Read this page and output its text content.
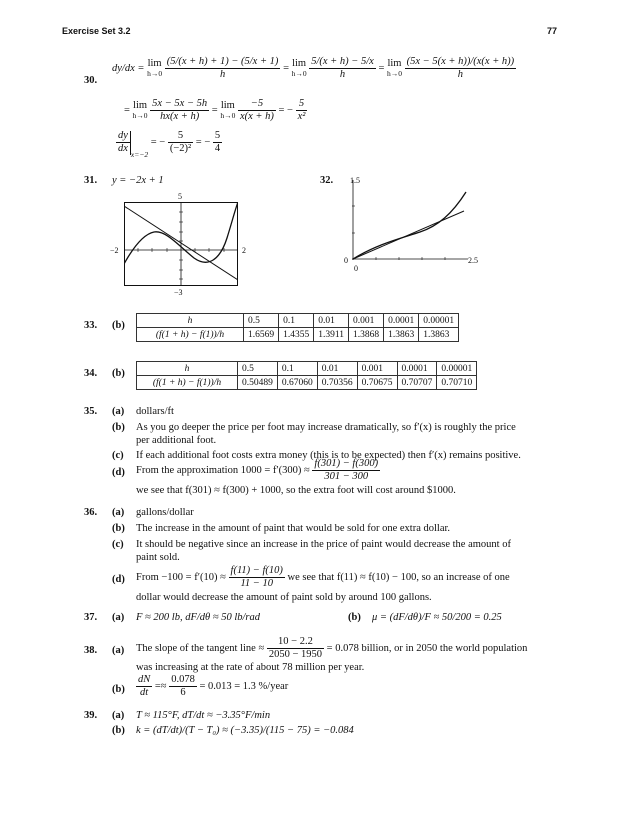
Exercise Set 3.2	77
30.
dy/dx = lim
h→0
$\frac{(5/(x + h) + 1) - (5/x + 1)}{h} = \lim$
h→0
$\frac{5/(x + h) - 5/x}{h} = \lim$
h→0
$\frac{(5x - 5(x + h))/(x(x + h))}{h}$
= lim
h→0
$\frac{5x - 5x - 5h}{hx(x + h)} = \lim$
h→0
$\frac{-5}{x(x + h)}$ = − $\frac{5}{\text{x²}}$
$\frac{dy}{dx} _{x=-2}$ = − $\frac{5}{\text{(−2)²}}$ = − $\frac{5}{4}$
31. y = −2x + 1
5
−2	2
−3
32. 1.5
0
0
2.5
33. (b)	h	0.5	0.1	0.01	0.001	0.0001	0.00001
(f(1 + h) − f(1))/h	1.6569	1.4355	1.3911	1.3868	1.3863	1.3863
34. (b)	h	0.5	0.1	0.01	0.001	0.0001	0.00001
(f(1 + h) − f(1))/h	0.50489	0.67060	0.70356	0.70675	0.70707	0.70710
35. (a) dollars/ft
(b) As you go deeper the price per foot may increase dramatically, so f′(x) is roughly the price
per additional foot.
(c) If each additional foot costs extra money (this is to be expected) then f′(x) remains positive.
(d) From the approximation $1000 = f'(300) \approx \frac{f(301) - f(300)}{301 - 300}$
we see that f(301) ≈ f(300) + 1000, so the extra foot will cost around $1000.
36. (a) gallons/dollar
(b) The increase in the amount of paint that would be sold for one extra dollar.
(c) It should be negative since an increase in the price of paint would decrease the amount of
paint sold.
(d) From $-100 = f'(10) \approx \frac{f(11) - f(10)}{11 - 10}$ we see that f(11) ≈ f(10) − 100, so an increase of one
dollar would decrease the amount of paint sold by around 100 gallons.
37. (a) F ≈ 200 lb, dF/dθ ≈ 50 lb/rad	(b) μ = (dF/dθ)/F ≈ 50/200 = 0.25
38. (a) The slope of the tangent line ≈ $\frac{10 - 2.2}{2050 - 1950} = 0.078$ billion, or in 2050 the world population
was increasing at the rate of about 78 million per year.
$(b) \frac{dN}{dt} =\approx \frac{0.078}{6} = 0.013 = 1.3$ %/year
39. (a) T ≈ 115°F, dT/dt ≈ −3.35°F/min
(b) k = (dT/dt)/(T − T₀) ≈ (−3.35)/(115 − 75) = −0.084
